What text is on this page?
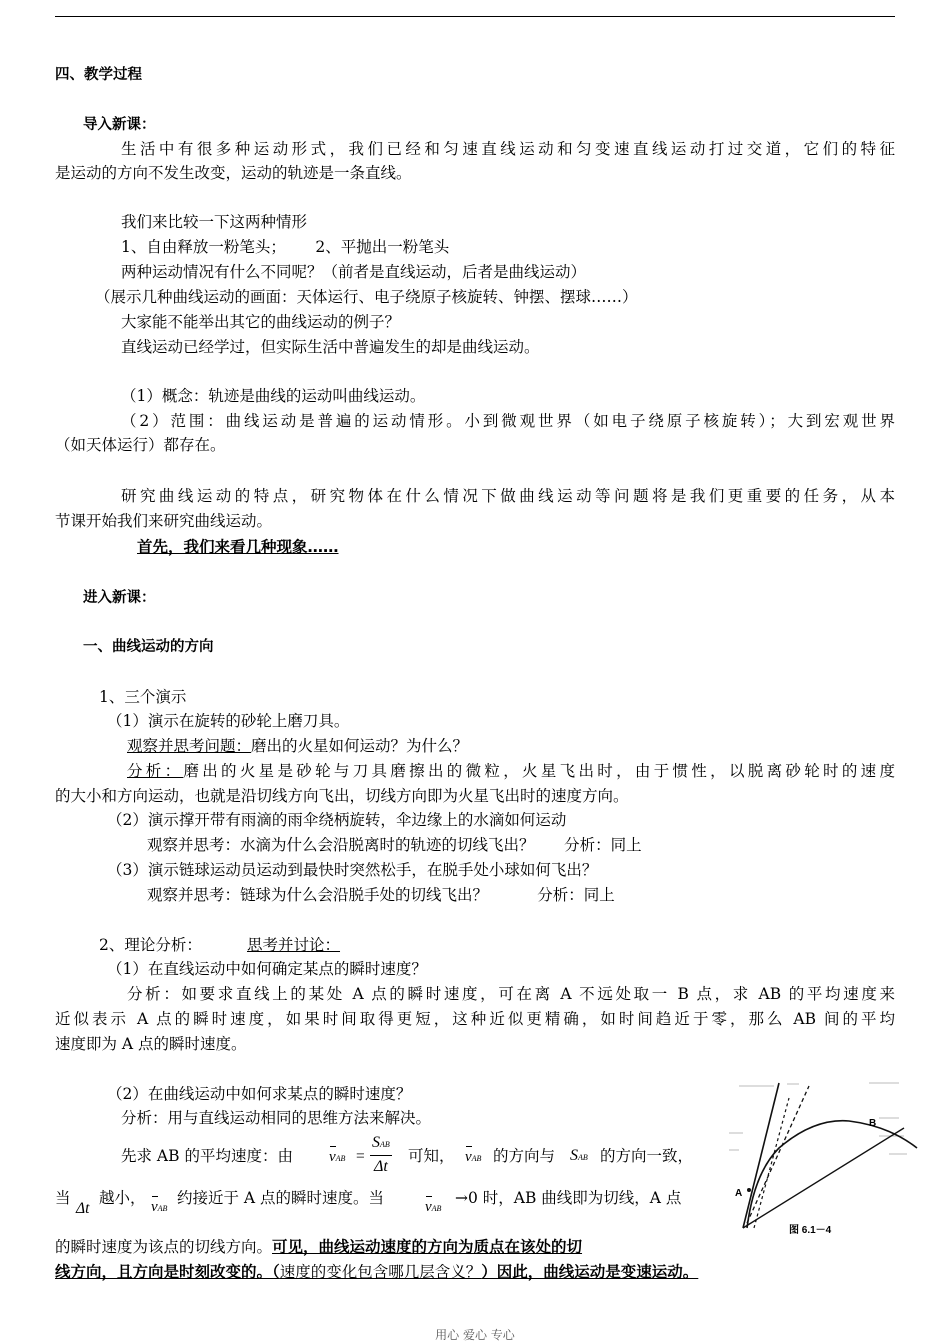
四、教学过程
导入新课：
生活中有很多种运动形式，我们已经和匀速直线运动和匀变速直线运动打过交道，它们的特征
是运动的方向不发生改变，运动的轨迹是一条直线。
我们来比较一下这两种情形
1、自由释放一粉笔头；      2、平抛出一粉笔头
两种运动情况有什么不同呢？（前者是直线运动，后者是曲线运动）
（展示几种曲线运动的画面：天体运行、电子绕原子核旋转、钟摆、摆球……）
大家能不能举出其它的曲线运动的例子？
直线运动已经学过，但实际生活中普遍发生的却是曲线运动。
（1）概念：轨迹是曲线的运动叫曲线运动。
（2）范围：曲线运动是普遍的运动情形。小到微观世界（如电子绕原子核旋转）；大到宏观世界
（如天体运行）都存在。
研究曲线运动的特点，研究物体在什么情况下做曲线运动等问题将是我们更重要的任务，从本
节课开始我们来研究曲线运动。
首先，我们来看几种现象……
进入新课：
一、曲线运动的方向
1、三个演示
（1）演示在旋转的砂轮上磨刀具。
观察并思考问题：磨出的火星如何运动？为什么？
分析：磨出的火星是砂轮与刀具磨擦出的微粒，火星飞出时，由于惯性，以脱离砂轮时的速度
的大小和方向运动，也就是沿切线方向飞出，切线方向即为火星飞出时的速度方向。
（2）演示撑开带有雨滴的雨伞绕柄旋转，伞边缘上的水滴如何运动
观察并思考：水滴为什么会沿脱离时的轨迹的切线飞出？      分析：同上
（3）演示链球运动员运动到最快时突然松手，在脱手处小球如何飞出？
观察并思考：链球为什么会沿脱手处的切线飞出？          分析：同上
2、理论分析：	思考并讨论：
（1）在直线运动中如何确定某点的瞬时速度？
分析：如要求直线上的某处 A 点的瞬时速度，可在离 A 不远处取一 B 点，求 AB 的平均速度来
近似表示 A 点的瞬时速度，如果时间取得更短，这种近似更精确，如时间趋近于零，那么 AB 间的平均
速度即为 A 点的瞬时速度。
（2）在曲线运动中如何求某点的瞬时速度？
分析：用与直线运动相同的思维方法来解决。
先求 AB 的平均速度：由 vAB =
SAB
Δt
可知， vAB 的方向与 SAB 的方向一致，
当
Δt
越小， vAB
约接近于 A 点的瞬时速度。当	vAB
→0 时，AB 曲线即为切线，A 点
的瞬时速度为该点的切线方向。可见，曲线运动速度的方向为质点在该处的切
线方向，且方向是时刻改变的。（速度的变化包含哪几层含义？）因此，曲线运动是变速运动。
A
B
图 6.1－4
用心 爱心 专心
